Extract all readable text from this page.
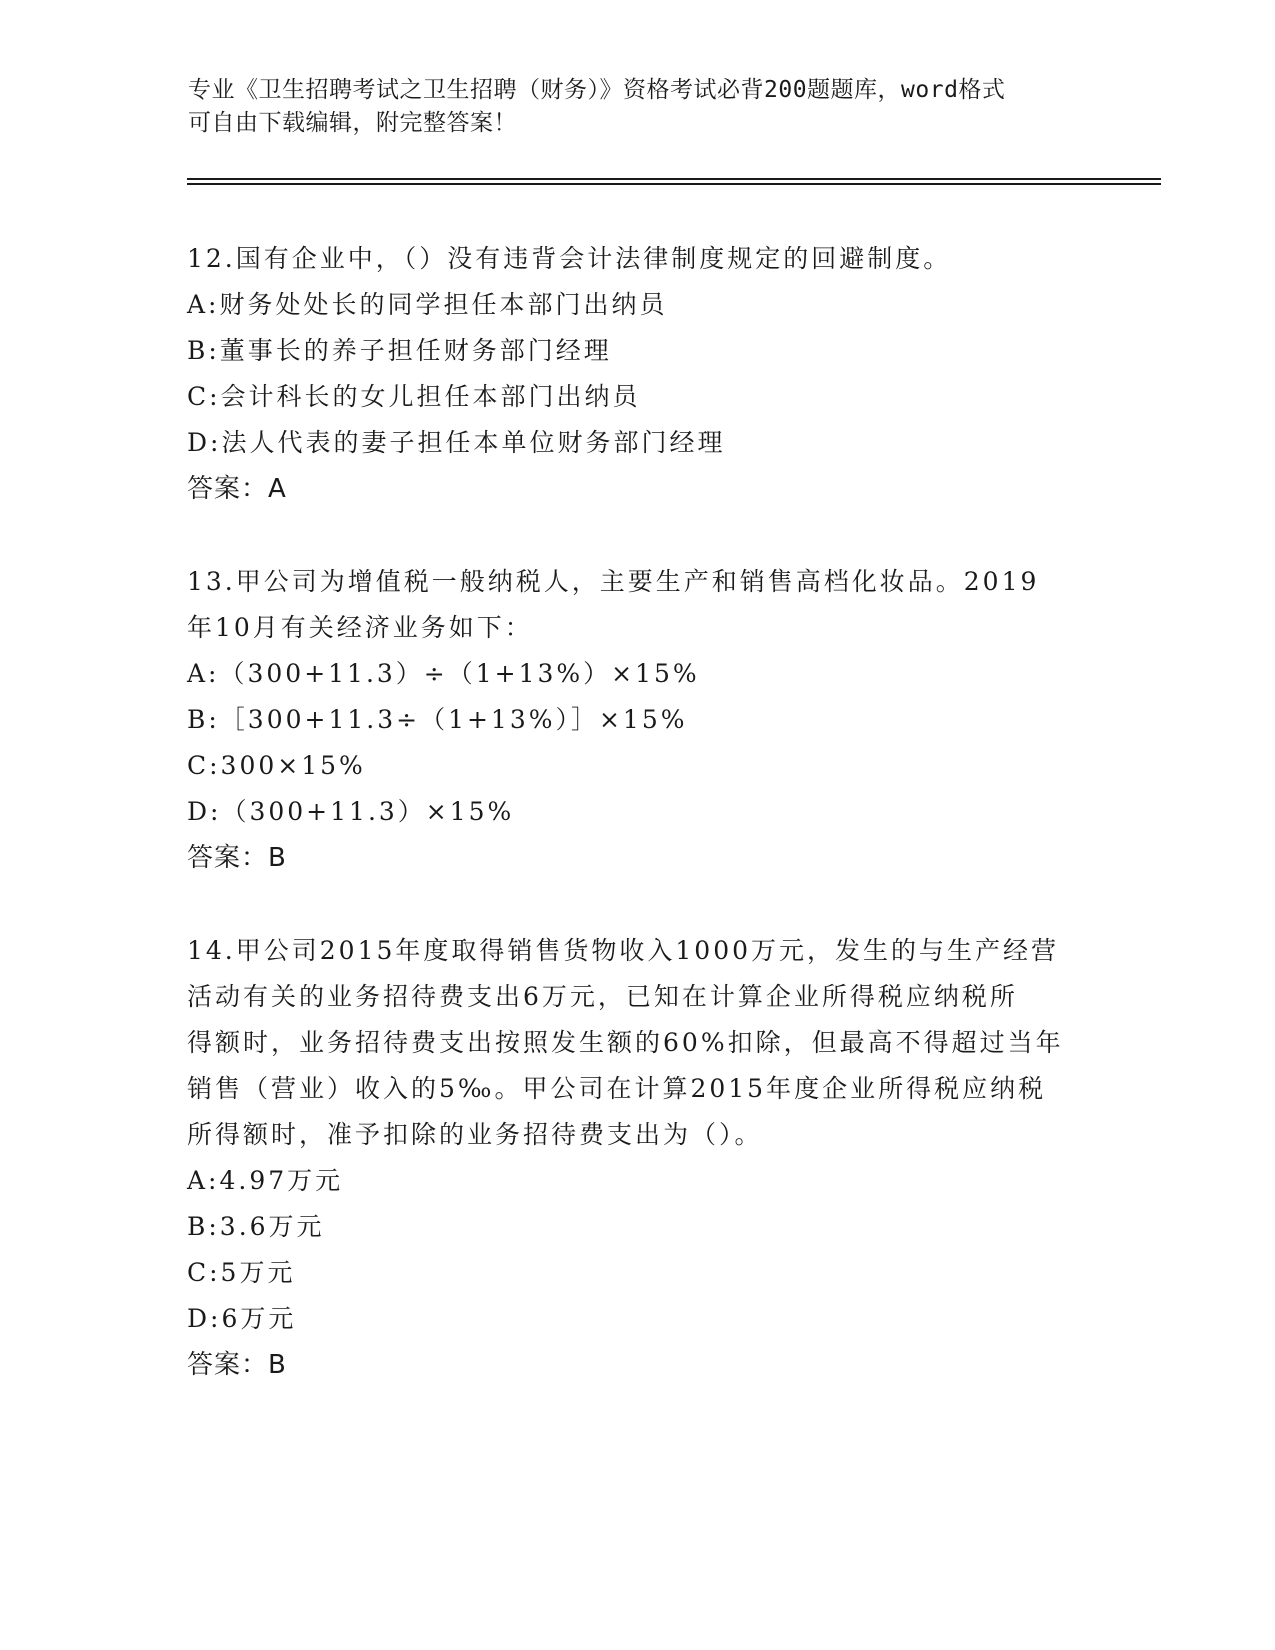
专业《卫生招聘考试之卫生招聘（财务）》资格考试必背200题题库，word格式
可自由下载编辑，附完整答案！

12.国有企业中，（）没有违背会计法律制度规定的回避制度。

A:财务处处长的同学担任本部门出纳员

B:董事长的养子担任财务部门经理

C:会计科长的女儿担任本部门出纳员

D:法人代表的妻子担任本单位财务部门经理

答案：A

13.甲公司为增值税一般纳税人，主要生产和销售高档化妆品。2019

年10月有关经济业务如下：

A:（300+11.3）÷（1+13%）×15%

B:［300+11.3÷（1+13%）］×15%

C:300×15%

D:（300+11.3）×15%

答案：B

14.甲公司2015年度取得销售货物收入1000万元，发生的与生产经营

活动有关的业务招待费支出6万元，已知在计算企业所得税应纳税所

得额时，业务招待费支出按照发生额的60%扣除，但最高不得超过当年

销售（营业）收入的5‰。甲公司在计算2015年度企业所得税应纳税

所得额时，准予扣除的业务招待费支出为（）。

A:4.97万元

B:3.6万元

C:5万元

D:6万元

答案：B
